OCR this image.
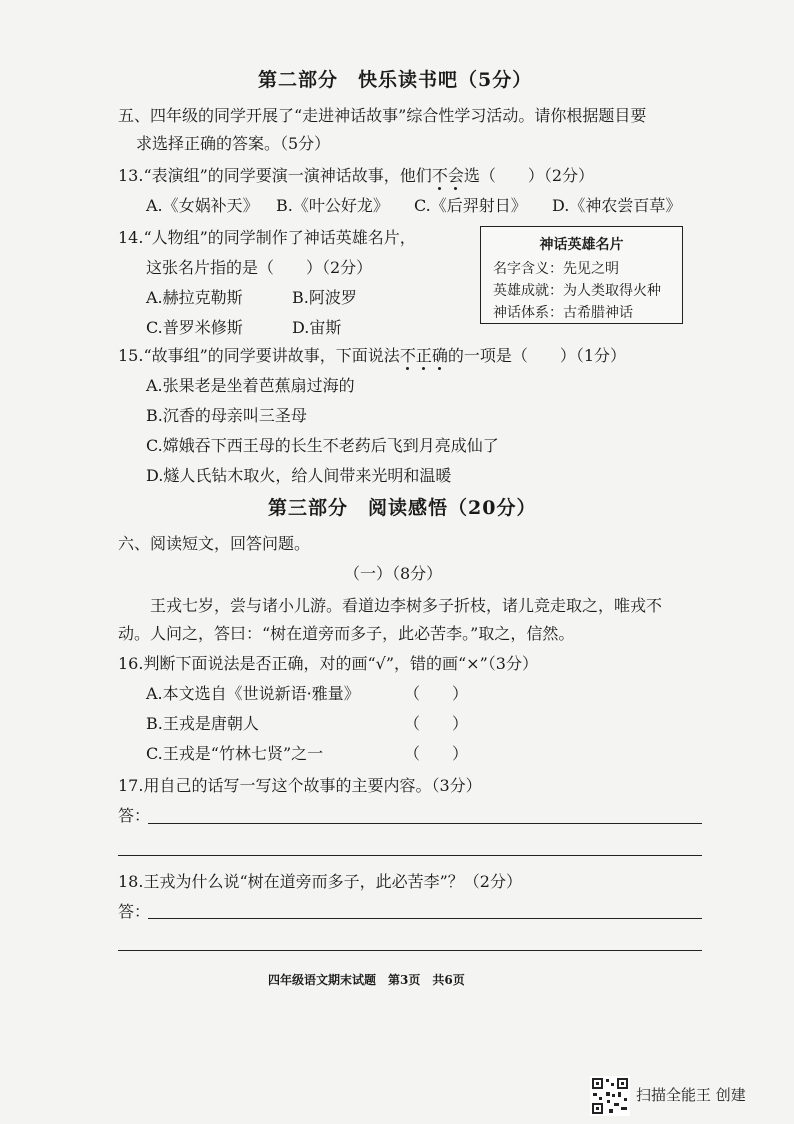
第二部分　快乐读书吧（5分）
五、四年级的同学开展了“走进神话故事”综合性学习活动。请你根据题目要
求选择正确的答案。（5分）
13.“表演组”的同学要演一演神话故事，他们不会选（　　）（2分）
A.《女娲补天》 B.《叶公好龙》 C.《后羿射日》 D.《神农尝百草》
14.“人物组”的同学制作了神话英雄名片，
这张名片指的是（　　）（2分）
A.赫拉克勒斯	B.阿波罗
C.普罗米修斯	D.宙斯
神话英雄名片
名字含义：先见之明
英雄成就：为人类取得火种
神话体系：古希腊神话
15.“故事组”的同学要讲故事，下面说法不正确的一项是（　　）（1分）
A.张果老是坐着芭蕉扇过海的
B.沉香的母亲叫三圣母
C.嫦娥吞下西王母的长生不老药后飞到月亮成仙了
D.燧人氏钻木取火，给人间带来光明和温暖
第三部分　阅读感悟（20分）
六、阅读短文，回答问题。
（一）（8分）
王戎七岁，尝与诸小儿游。看道边李树多子折枝，诸儿竞走取之，唯戎不
动。人问之，答曰：“树在道旁而多子，此必苦李。”取之，信然。
16.判断下面说法是否正确，对的画“√”，错的画“×”（3分）
A.本文选自《世说新语·雅量》	（　　）
B.王戎是唐朝人	（　　）
C.王戎是“竹林七贤”之一	（　　）
17.用自己的话写一写这个故事的主要内容。（3分）
答：
18.王戎为什么说“树在道旁而多子，此必苦李”？（2分）
答：
四年级语文期末试题　第3页　共6页
扫描全能王 创建
